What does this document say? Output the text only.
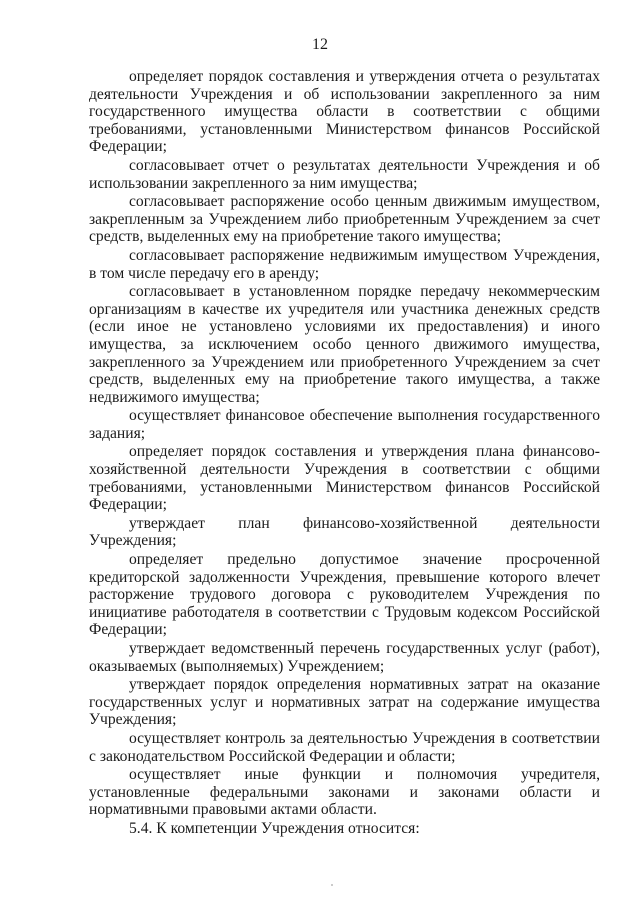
12

определяет порядок составления и утверждения отчета о результатах деятельности Учреждения и об использовании закрепленного за ним государственного имущества области в соответствии с общими требованиями, установленными Министерством финансов Российской Федерации;

согласовывает отчет о результатах деятельности Учреждения и об использовании закрепленного за ним имущества;

согласовывает распоряжение особо ценным движимым имуществом, закрепленным за Учреждением либо приобретенным Учреждением за счет средств, выделенных ему на приобретение такого имущества;

согласовывает распоряжение недвижимым имуществом Учреждения, в том числе передачу его в аренду;

согласовывает в установленном порядке передачу некоммерческим организациям в качестве их учредителя или участника денежных средств (если иное не установлено условиями их предоставления) и иного имущества, за исключением особо ценного движимого имущества, закрепленного за Учреждением или приобретенного Учреждением за счет средств, выделенных ему на приобретение такого имущества, а также недвижимого имущества;

осуществляет финансовое обеспечение выполнения государственного задания;

определяет порядок составления и утверждения плана финансово-хозяйственной деятельности Учреждения в соответствии с общими требованиями, установленными Министерством финансов Российской Федерации;

утверждает план финансово-хозяйственной деятельности Учреждения;

определяет предельно допустимое значение просроченной кредиторской задолженности Учреждения, превышение которого влечет расторжение трудового договора с руководителем Учреждения по инициативе работодателя в соответствии с Трудовым кодексом Российской Федерации;

утверждает ведомственный перечень государственных услуг (работ), оказываемых (выполняемых) Учреждением;

утверждает порядок определения нормативных затрат на оказание государственных услуг и нормативных затрат на содержание имущества Учреждения;

осуществляет контроль за деятельностью Учреждения в соответствии с законодательством Российской Федерации и области;

осуществляет иные функции и полномочия учредителя, установленные федеральными законами и законами области и нормативными правовыми актами области.

5.4. К компетенции Учреждения относится:
